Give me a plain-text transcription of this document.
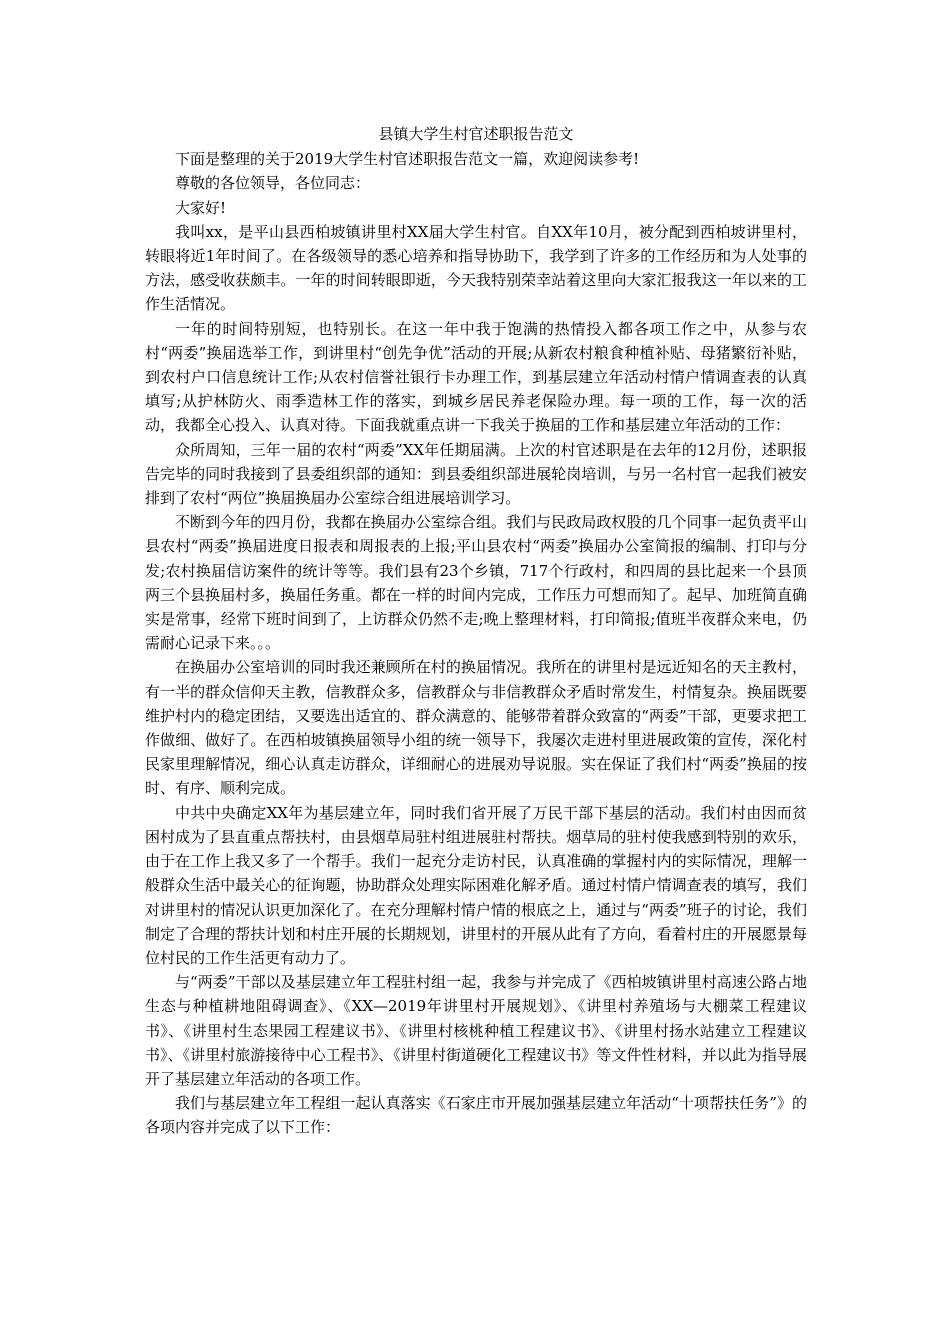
县镇大学生村官述职报告范文

下面是整理的关于2019大学生村官述职报告范文一篇，欢迎阅读参考!

尊敬的各位领导，各位同志：

大家好!

我叫xx，是平山县西柏坡镇讲里村XX届大学生村官。自XX年10月，被分配到西柏坡讲里村，转眼将近1年时间了。在各级领导的悉心培养和指导协助下，我学到了许多的工作经历和为人处事的方法，感受收获颇丰。一年的时间转眼即逝，今天我特别荣幸站着这里向大家汇报我这一年以来的工作生活情况。

一年的时间特别短，也特别长。在这一年中我于饱满的热情投入都各项工作之中，从参与农村“两委”换届选举工作，到讲里村“创先争优”活动的开展;从新农村粮食种植补贴、母猪繁衍补贴，到农村户口信息统计工作;从农村信誉社银行卡办理工作，到基层建立年活动村情户情调查表的认真填写;从护林防火、雨季造林工作的落实，到城乡居民养老保险办理。每一项的工作，每一次的活动，我都全心投入、认真对待。下面我就重点讲一下我关于换届的工作和基层建立年活动的工作：

众所周知，三年一届的农村“两委”XX年任期届满。上次的村官述职是在去年的12月份，述职报告完毕的同时我接到了县委组织部的通知：到县委组织部进展轮岗培训，与另一名村官一起我们被安排到了农村“两位”换届换届办公室综合组进展培训学习。

不断到今年的四月份，我都在换届办公室综合组。我们与民政局政权股的几个同事一起负责平山县农村“两委”换届进度日报表和周报表的上报;平山县农村“两委”换届办公室简报的编制、打印与分发;农村换届信访案件的统计等等。我们县有23个乡镇，717个行政村，和四周的县比起来一个县顶两三个县换届村多，换届任务重。都在一样的时间内完成，工作压力可想而知了。起早、加班简直确实是常事，经常下班时间到了，上访群众仍然不走;晚上整理材料，打印简报;值班半夜群众来电，仍需耐心记录下来。。。

在换届办公室培训的同时我还兼顾所在村的换届情况。我所在的讲里村是远近知名的天主教村，有一半的群众信仰天主教，信教群众多，信教群众与非信教群众矛盾时常发生，村情复杂。换届既要维护村内的稳定团结，又要选出适宜的、群众满意的、能够带着群众致富的“两委”干部，更要求把工作做细、做好了。在西柏坡镇换届领导小组的统一领导下，我屡次走进村里进展政策的宣传，深化村民家里理解情况，细心认真走访群众，详细耐心的进展劝导说服。实在保证了我们村“两委”换届的按时、有序、顺利完成。

中共中央确定XX年为基层建立年，同时我们省开展了万民干部下基层的活动。我们村由因而贫困村成为了县直重点帮扶村，由县烟草局驻村组进展驻村帮扶。烟草局的驻村使我感到特别的欢乐，由于在工作上我又多了一个帮手。我们一起充分走访村民，认真准确的掌握村内的实际情况，理解一般群众生活中最关心的征询题，协助群众处理实际困难化解矛盾。通过村情户情调查表的填写，我们对讲里村的情况认识更加深化了。在充分理解村情户情的根底之上，通过与“两委”班子的讨论，我们制定了合理的帮扶计划和村庄开展的长期规划，讲里村的开展从此有了方向，看着村庄的开展愿景每位村民的工作生活更有动力了。

与“两委”干部以及基层建立年工程驻村组一起，我参与并完成了《西柏坡镇讲里村高速公路占地生态与种植耕地阻碍调查》、《XX—2019年讲里村开展规划》、《讲里村养殖场与大棚菜工程建议书》、《讲里村生态果园工程建议书》、《讲里村核桃种植工程建议书》、《讲里村扬水站建立工程建议书》、《讲里村旅游接待中心工程书》、《讲里村街道硬化工程建议书》等文件性材料，并以此为指导展开了基层建立年活动的各项工作。

我们与基层建立年工程组一起认真落实《石家庄市开展加强基层建立年活动“十项帮扶任务”》的各项内容并完成了以下工作：
